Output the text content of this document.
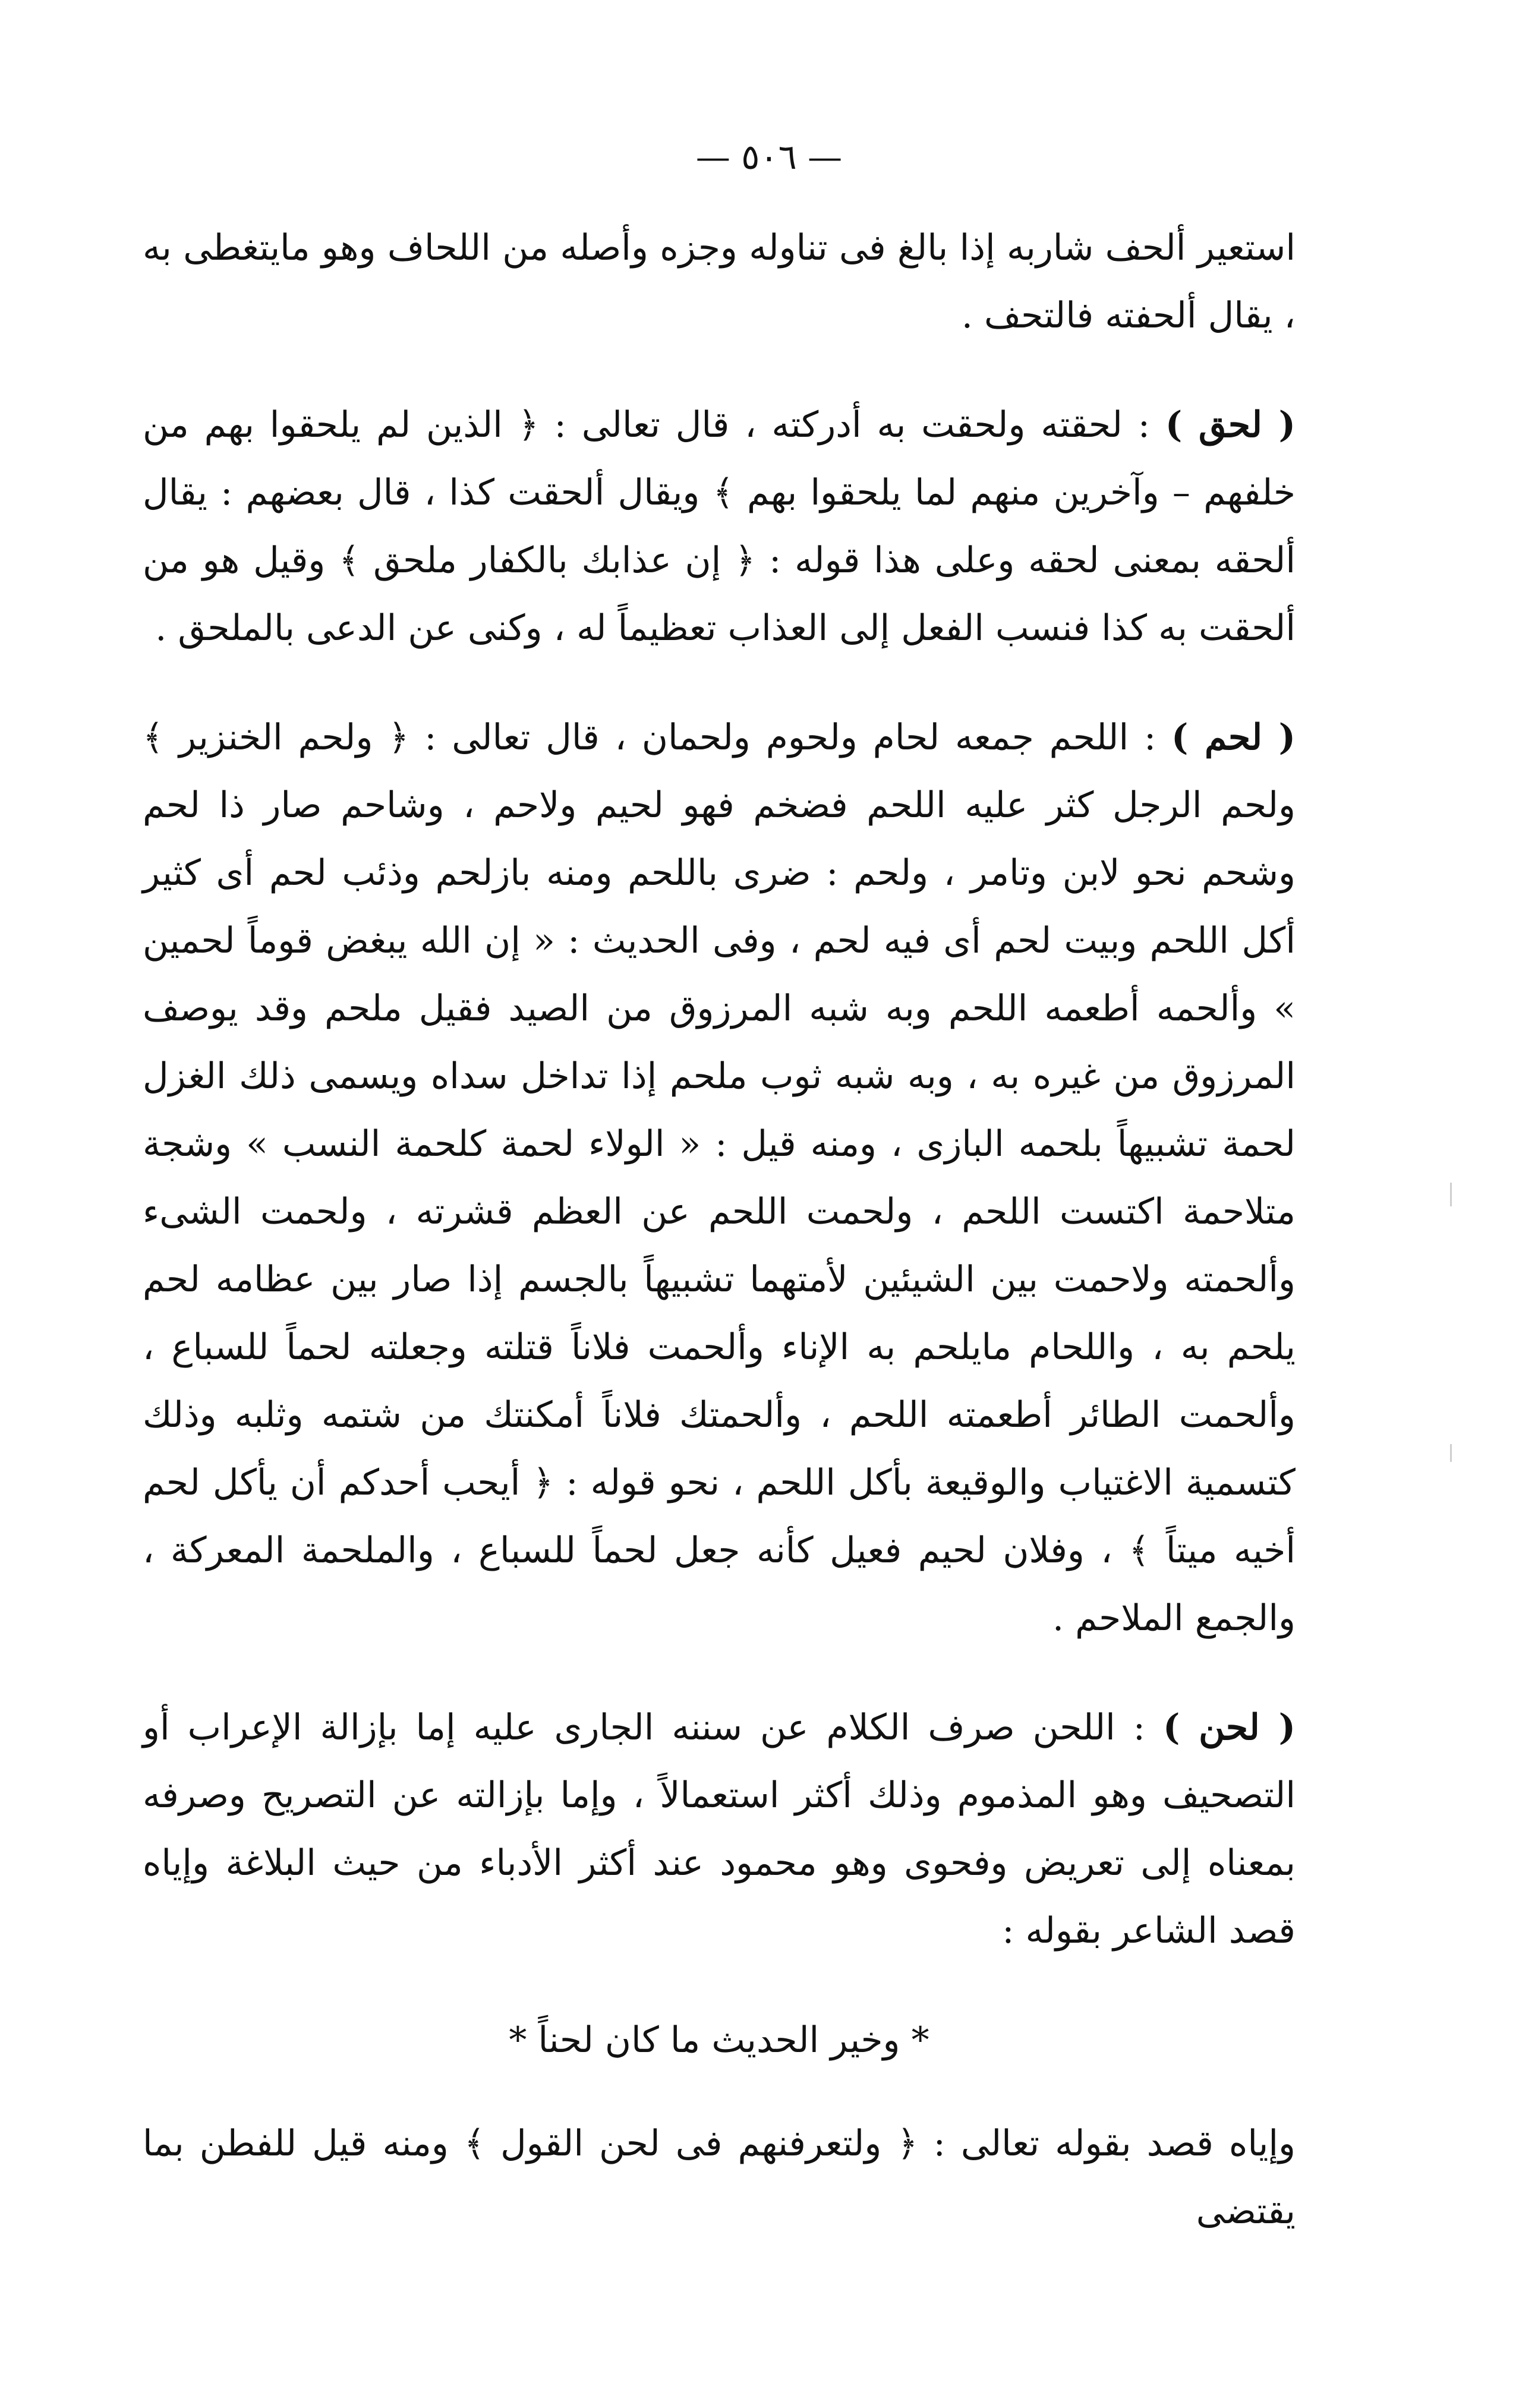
— ٥٠٦ —

استعير ألحف شاربه إذا بالغ فى تناوله وجزه وأصله من اللحاف وهو مايتغطى به ، يقال ألحفته فالتحف .

( لحق ) : لحقته ولحقت به أدركته ، قال تعالى : ﴿ الذين لم يلحقوا بهم من خلفهم – وآخرين منهم لما يلحقوا بهم ﴾ ويقال ألحقت كذا ، قال بعضهم : يقال ألحقه بمعنى لحقه وعلى هذا قوله : ﴿ إن عذابك بالكفار ملحق ﴾ وقيل هو من ألحقت به كذا فنسب الفعل إلى العذاب تعظيماً له ، وكنى عن الدعى بالملحق .

( لحم ) : اللحم جمعه لحام ولحوم ولحمان ، قال تعالى : ﴿ ولحم الخنزير ﴾ ولحم الرجل كثر عليه اللحم فضخم فهو لحيم ولاحم ، وشاحم صار ذا لحم وشحم نحو لابن وتامر ، ولحم : ضرى باللحم ومنه بازلحم وذئب لحم أى كثير أكل اللحم وبيت لحم أى فيه لحم ، وفى الحديث : « إن الله يبغض قوماً لحمين » وألحمه أطعمه اللحم وبه شبه المرزوق من الصيد فقيل ملحم وقد يوصف المرزوق من غيره به ، وبه شبه ثوب ملحم إذا تداخل سداه ويسمى ذلك الغزل لحمة تشبيهاً بلحمه البازى ، ومنه قيل : « الولاء لحمة كلحمة النسب » وشجة متلاحمة اكتست اللحم ، ولحمت اللحم عن العظم قشرته ، ولحمت الشىء وألحمته ولاحمت بين الشيئين لأمتهما تشبيهاً بالجسم إذا صار بين عظامه لحم يلحم به ، واللحام مايلحم به الإناء وألحمت فلاناً قتلته وجعلته لحماً للسباع ، وألحمت الطائر أطعمته اللحم ، وألحمتك فلاناً أمكنتك من شتمه وثلبه وذلك كتسمية الاغتياب والوقيعة بأكل اللحم ، نحو قوله : ﴿ أيحب أحدكم أن يأكل لحم أخيه ميتاً ﴾ ، وفلان لحيم فعيل كأنه جعل لحماً للسباع ، والملحمة المعركة ، والجمع الملاحم .

( لحن ) : اللحن صرف الكلام عن سننه الجارى عليه إما بإزالة الإعراب أو التصحيف وهو المذموم وذلك أكثر استعمالاً ، وإما بإزالته عن التصريح وصرفه بمعناه إلى تعريض وفحوى وهو محمود عند أكثر الأدباء من حيث البلاغة وإياه قصد الشاعر بقوله :

* وخير الحديث ما كان لحناً *

وإياه قصد بقوله تعالى : ﴿ ولتعرفنهم فى لحن القول ﴾ ومنه قيل للفطن بما يقتضى
